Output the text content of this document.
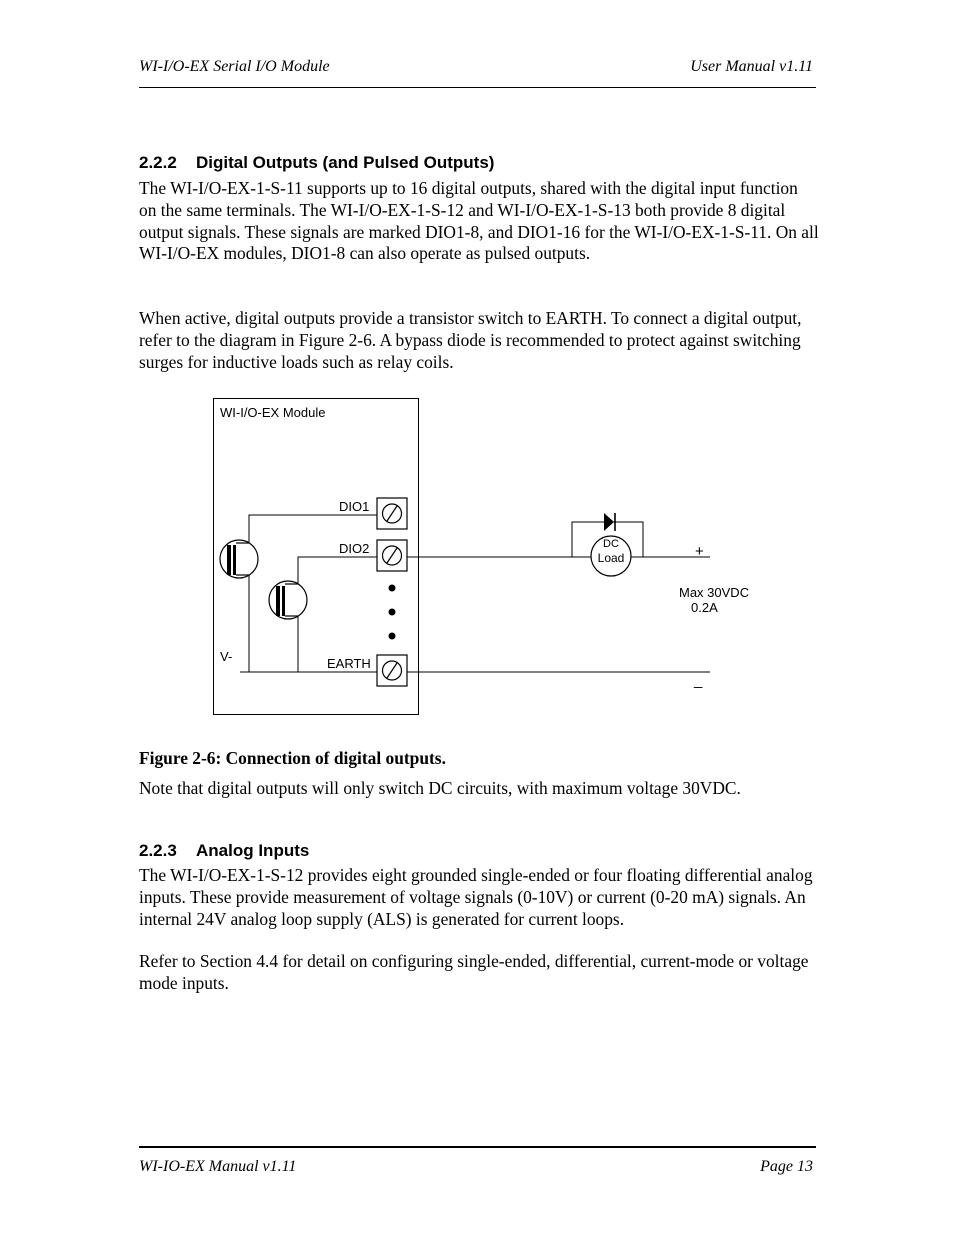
WI-I/O-EX Serial I/O Module	User Manual v1.11
2.2.2 Digital Outputs (and Pulsed Outputs)

The WI-I/O-EX-1-S-11 supports up to 16 digital outputs, shared with the digital input function on the same terminals. The WI-I/O-EX-1-S-12 and WI-I/O-EX-1-S-13 both provide 8 digital output signals. These signals are marked DIO1-8, and DIO1-16 for the WI-I/O-EX-1-S-11. On all WI-I/O-EX modules, DIO1-8 can also operate as pulsed outputs.

When active, digital outputs provide a transistor switch to EARTH. To connect a digital output, refer to the diagram in Figure 2-6. A bypass diode is recommended to protect against switching surges for inductive loads such as relay coils.

WI-I/O-EX Module
DIO1
DIO2
EARTH
V-
DC
Load	+
_
Max 30VDC
0.2A
Figure 2-6: Connection of digital outputs.

Note that digital outputs will only switch DC circuits, with maximum voltage 30VDC.

2.2.3 Analog Inputs

The WI-I/O-EX-1-S-12 provides eight grounded single-ended or four floating differential analog inputs. These provide measurement of voltage signals (0-10V) or current (0-20 mA) signals. An internal 24V analog loop supply (ALS) is generated for current loops.

Refer to Section 4.4 for detail on configuring single-ended, differential, current-mode or voltage mode inputs.

WI-IO-EX Manual v1.11	Page 13
